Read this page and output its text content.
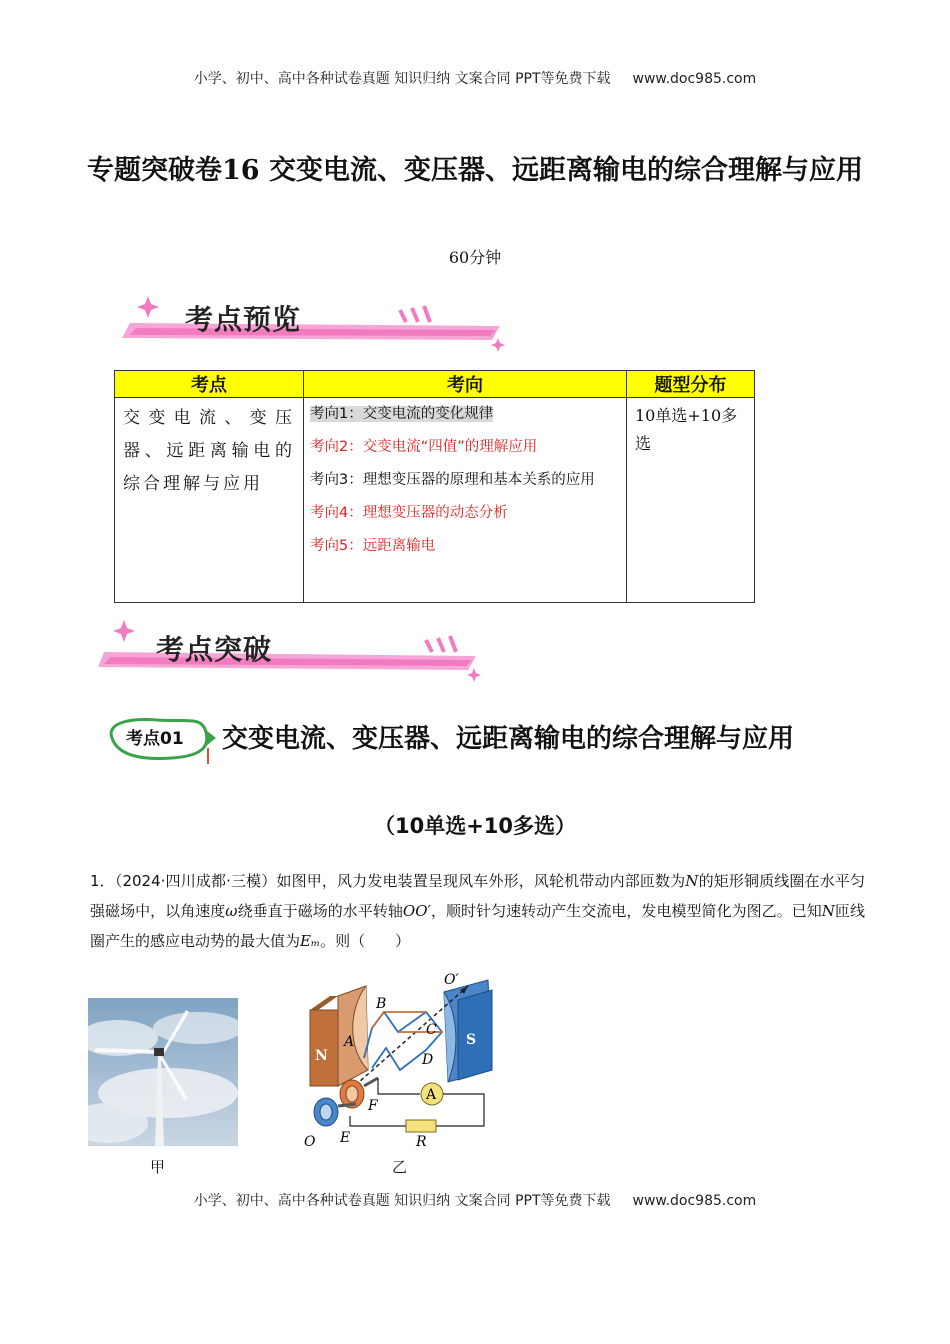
小学、初中、高中各种试卷真题 知识归纳 文案合同 PPT等免费下载 www.doc985.com
专题突破卷16 交变电流、变压器、远距离输电的综合理解与应用
60分钟
考点预览
考点	考向	题型分布
交变电流、变压器、远距离输电的综合理解与应用	考向1：交变电流的变化规律
考向2：交变电流“四值”的理解应用
考向3：理想变压器的原理和基本关系的应用
考向4：理想变压器的动态分析
考向5：远距离输电	10单选+10多选
考点突破
考点01 交变电流、变压器、远距离输电的综合理解与应用
（10单选+10多选）
1．（2024·四川成都·三模）如图甲，风力发电装置呈现风车外形，风轮机带动内部匝数为N的矩形铜质线圈在水平匀强磁场中，以角速度ω绕垂直于磁场的水平转轴OO′，顺时针匀速转动产生交流电，发电模型简化为图乙。已知N匝线圈产生的感应电动势的最大值为Eₘ。则（　　）
甲
N
S
O′
B
A
C
D
F
E
O
A
R
乙
小学、初中、高中各种试卷真题 知识归纳 文案合同 PPT等免费下载 www.doc985.com
